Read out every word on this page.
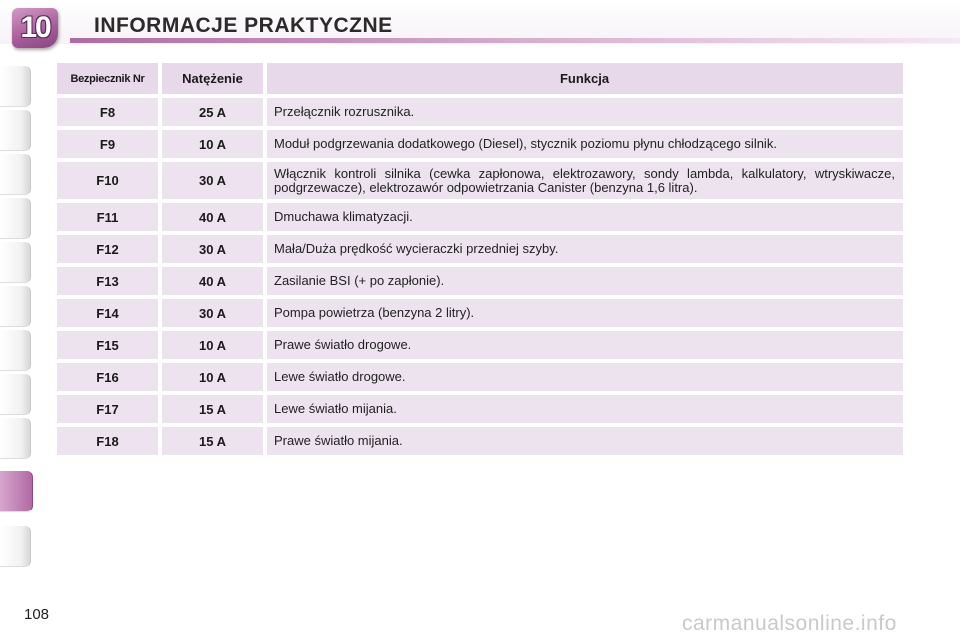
10	INFORMACJE PRAKTYCZNE
Bezpiecznik Nr	Natężenie	Funkcja
F8	25 A	Przełącznik rozrusznika.
F9	10 A	Moduł podgrzewania dodatkowego (Diesel), stycznik poziomu płynu chłodzącego silnik.
F10	30 A	Włącznik kontroli silnika (cewka zapłonowa, elektrozawory, sondy lambda, kalkulatory, wtryskiwacze, podgrzewacze), elektrozawór odpowietrzania Canister (benzyna 1,6 litra).
F11	40 A	Dmuchawa klimatyzacji.
F12	30 A	Mała/Duża prędkość wycieraczki przedniej szyby.
F13	40 A	Zasilanie BSI (+ po zapłonie).
F14	30 A	Pompa powietrza (benzyna 2 litry).
F15	10 A	Prawe światło drogowe.
F16	10 A	Lewe światło drogowe.
F17	15 A	Lewe światło mijania.
F18	15 A	Prawe światło mijania.
108	carmanualsonline.info
